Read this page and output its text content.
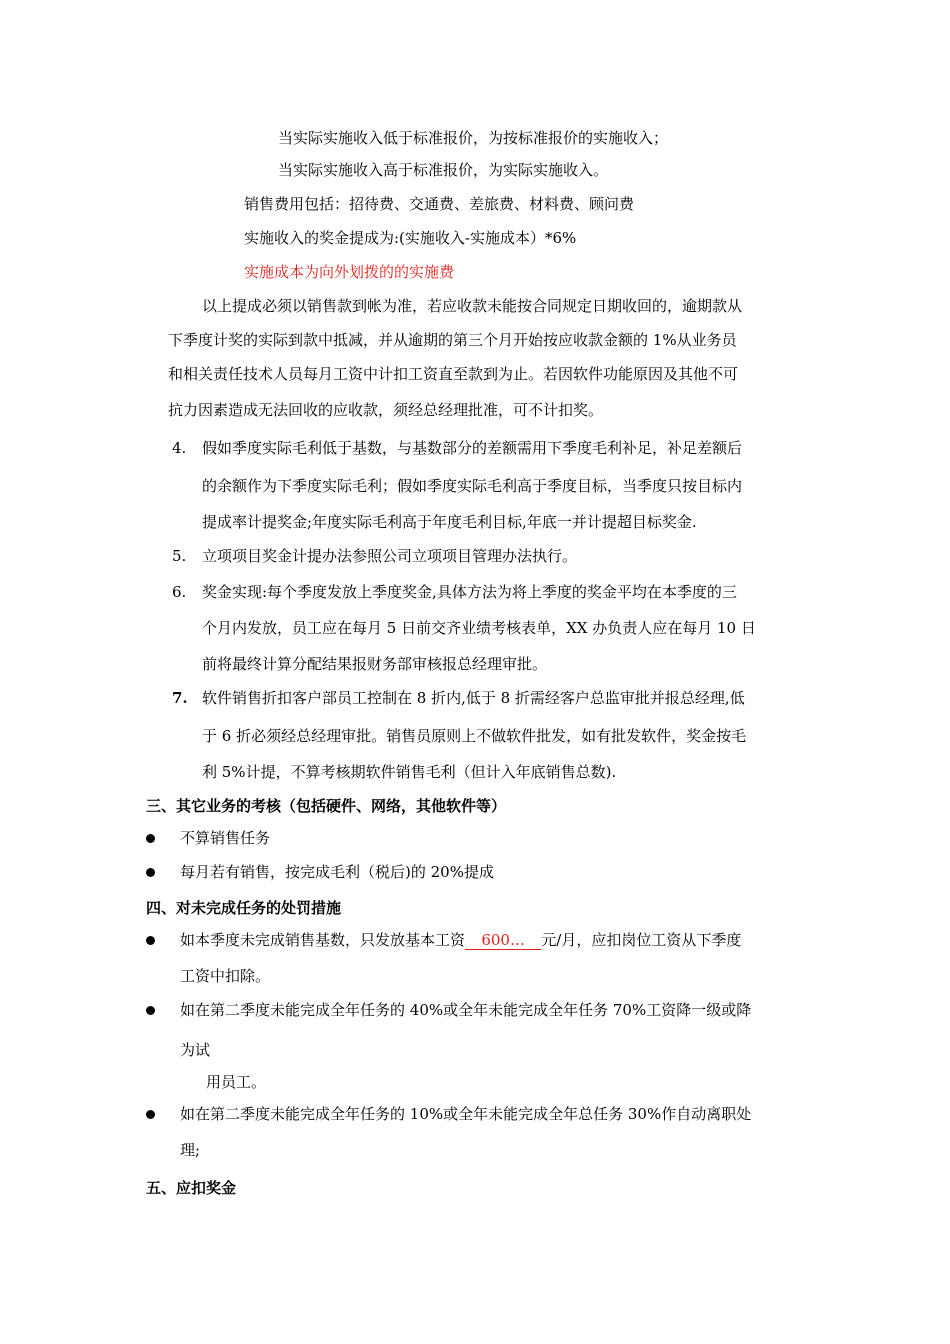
当实际实施收入低于标准报价，为按标准报价的实施收入；
当实际实施收入高于标准报价，为实际实施收入。
销售费用包括：招待费、交通费、差旅费、材料费、顾问费
实施收入的奖金提成为:(实施收入-实施成本）*6%
实施成本为向外划拨的的实施费
以上提成必须以销售款到帐为准，若应收款未能按合同规定日期收回的，逾期款从
下季度计奖的实际到款中抵减，并从逾期的第三个月开始按应收款金额的 1%从业务员
和相关责任技术人员每月工资中计扣工资直至款到为止。若因软件功能原因及其他不可
抗力因素造成无法回收的应收款，须经总经理批准，可不计扣奖。
4. 假如季度实际毛利低于基数，与基数部分的差额需用下季度毛利补足，补足差额后
的余额作为下季度实际毛利；假如季度实际毛利高于季度目标，当季度只按目标内
提成率计提奖金;年度实际毛利高于年度毛利目标,年底一并计提超目标奖金.
5. 立项项目奖金计提办法参照公司立项项目管理办法执行。
6. 奖金实现:每个季度发放上季度奖金,具体方法为将上季度的奖金平均在本季度的三
个月内发放，员工应在每月 5 日前交齐业绩考核表单，XX 办负责人应在每月 10 日
前将最终计算分配结果报财务部审核报总经理审批。
7. 软件销售折扣客户部员工控制在 8 折内,低于 8 折需经客户总监审批并报总经理,低
于 6 折必须经总经理审批。销售员原则上不做软件批发，如有批发软件，奖金按毛
利 5%计提，不算考核期软件销售毛利（但计入年底销售总数).
三、其它业务的考核（包括硬件、网络，其他软件等）
不算销售任务
每月若有销售，按完成毛利（税后)的 20%提成
四、对未完成任务的处罚措施
如本季度未完成销售基数，只发放基本工资 600… 元/月，应扣岗位工资从下季度
工资中扣除。
如在第二季度未能完成全年任务的 40%或全年未能完成全年任务 70%工资降一级或降
为试
用员工。
如在第二季度未能完成全年任务的 10%或全年未能完成全年总任务 30%作自动离职处
理;
五、应扣奖金
